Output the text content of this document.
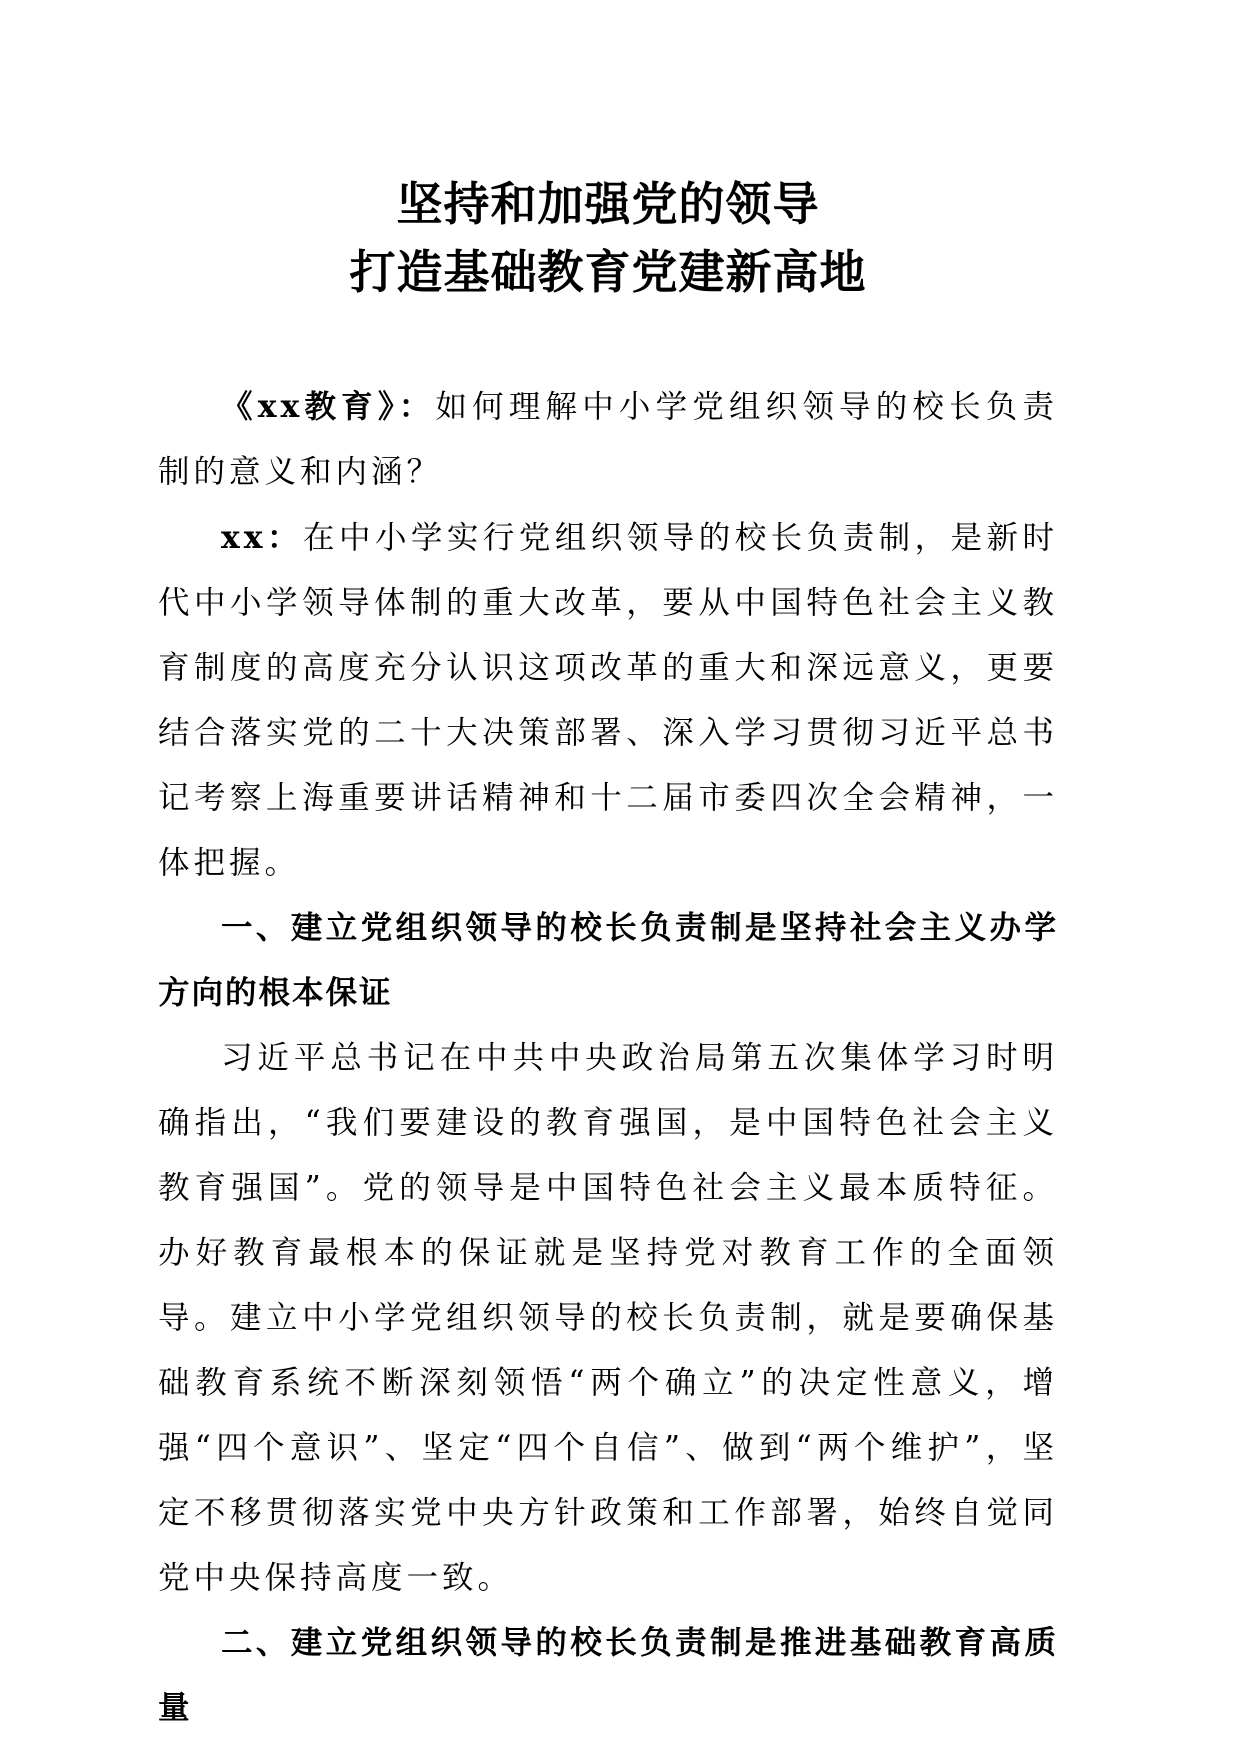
坚持和加强党的领导
打造基础教育党建新高地

《xx教育》：如何理解中小学党组织领导的校长负责制的意义和内涵？

xx：在中小学实行党组织领导的校长负责制，是新时代中小学领导体制的重大改革，要从中国特色社会主义教育制度的高度充分认识这项改革的重大和深远意义，更要结合落实党的二十大决策部署、深入学习贯彻习近平总书记考察上海重要讲话精神和十二届市委四次全会精神，一体把握。

一、建立党组织领导的校长负责制是坚持社会主义办学方向的根本保证

习近平总书记在中共中央政治局第五次集体学习时明确指出，“我们要建设的教育强国，是中国特色社会主义教育强国”。党的领导是中国特色社会主义最本质特征。办好教育最根本的保证就是坚持党对教育工作的全面领导。建立中小学党组织领导的校长负责制，就是要确保基础教育系统不断深刻领悟“两个确立”的决定性意义，增强“四个意识”、坚定“四个自信”、做到“两个维护”，坚定不移贯彻落实党中央方针政策和工作部署，始终自觉同党中央保持高度一致。

二、建立党组织领导的校长负责制是推进基础教育高质量
